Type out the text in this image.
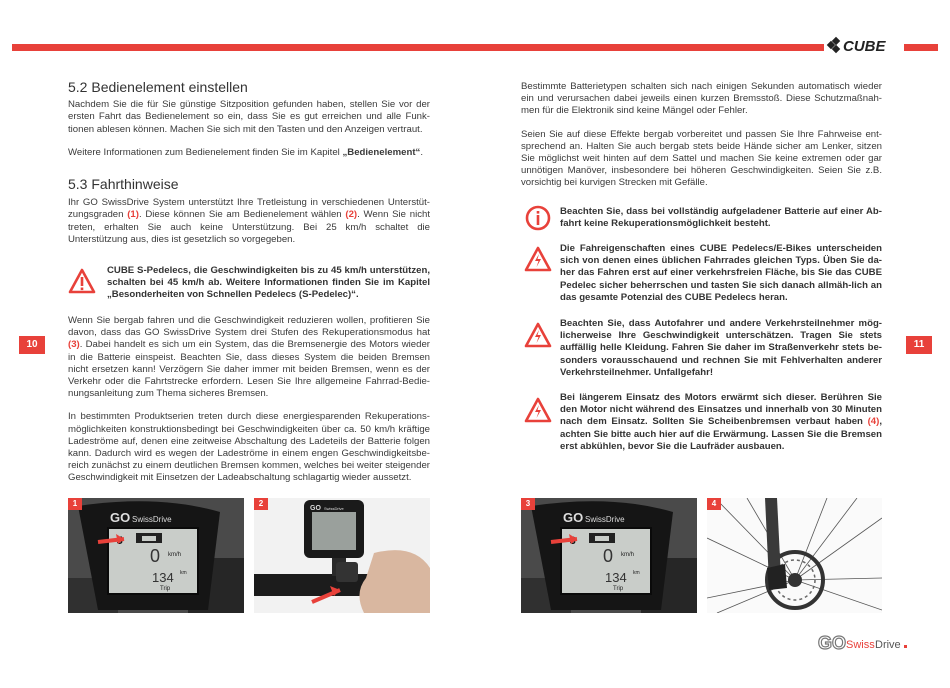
CUBE
10	11
5.2 Bedienelement einstellen

Nachdem Sie die für Sie günstige Sitzposition gefunden haben, stellen Sie vor der ersten Fahrt das Bedienelement so ein, dass Sie es gut erreichen und alle Funk-tionen ablesen können. Machen Sie sich mit den Tasten und den Anzeigen vertraut.

Weitere Informationen zum Bedienelement finden Sie im Kapitel „Bedienelement“.

5.3 Fahrthinweise

Ihr GO SwissDrive System unterstützt Ihre Tretleistung in verschiedenen Unterstüt-zungsgraden (1). Diese können Sie am Bedienelement wählen (2). Wenn Sie nicht treten, erhalten Sie auch keine Unterstützung. Bei 25 km/h schaltet die Unterstützung aus, dies ist gesetzlich so vorgegeben.

CUBE S-Pedelecs, die Geschwindigkeiten bis zu 45 km/h unterstützen, schalten bei 45 km/h ab. Weitere Informationen finden Sie im Kapitel „Besonderheiten von Schnellen Pedelecs (S-Pedelec)“.

Wenn Sie bergab fahren und die Geschwindigkeit reduzieren wollen, profitieren Sie davon, dass das GO SwissDrive System drei Stufen des Rekuperationsmodus hat (3). Dabei handelt es sich um ein System, das die Bremsenergie des Motors wieder in die Batterie einspeist. Beachten Sie, dass dieses System die beiden Bremsen nicht ersetzen kann! Verzögern Sie daher immer mit beiden Bremsen, wenn es der Verkehr oder die Fahrtstrecke erfordern. Lesen Sie Ihre allgemeine Fahrrad-Bedie-nungsanleitung zum Thema sicheres Bremsen.

In bestimmten Produktserien treten durch diese energiesparenden Rekuperations-möglichkeiten konstruktionsbedingt bei Geschwindigkeiten über ca. 50 km/h kräftige Ladeströme auf, denen eine zeitweise Abschaltung des Ladeteils der Batterie folgen kann. Dadurch wird es wegen der Ladeströme in einem engen Geschwindigkeitsbe-reich zunächst zu einem deutlichen Bremsen kommen, welches bei weiter steigender Geschwindigkeit mit Einsetzen der Ladeabschaltung schlagartig wieder aussetzt.

Bestimmte Batterietypen schalten sich nach einigen Sekunden automatisch wieder ein und verursachen dabei jeweils einen kurzen Bremsstoß. Diese Schutzmaßnah-men für die Elektronik sind keine Mängel oder Fehler.

Seien Sie auf diese Effekte bergab vorbereitet und passen Sie Ihre Fahrweise ent-sprechend an. Halten Sie auch bergab stets beide Hände sicher am Lenker, sitzen Sie möglichst weit hinten auf dem Sattel und machen Sie keine extremen oder gar unnötigen Manöver, insbesondere bei höheren Geschwindigkeiten. Seien Sie z.B. vorsichtig bei kurvigen Strecken mit Gefälle.

Beachten Sie, dass bei vollständig aufgeladener Batterie auf einer Ab-fahrt keine Rekuperationsmöglichkeit besteht.
Die Fahreigenschaften eines CUBE Pedelecs/E-Bikes unterscheiden sich von denen eines üblichen Fahrrades gleichen Typs. Üben Sie da-her das Fahren erst auf einer verkehrsfreien Fläche, bis Sie das CUBE Pedelec sicher beherrschen und tasten Sie sich danach allmäh-lich an das gesamte Potenzial des CUBE Pedelecs heran.
Beachten Sie, dass Autofahrer und andere Verkehrsteilnehmer mög-licherweise Ihre Geschwindigkeit unterschätzen. Tragen Sie stets auffällig helle Kleidung. Fahren Sie daher im Straßenverkehr stets be-sonders vorausschauend und rechnen Sie mit Fehlverhalten anderer Verkehrsteilnehmer. Unfallgefahr!
Bei längerem Einsatz des Motors erwärmt sich dieser. Berühren Sie den Motor nicht während des Einsatzes und innerhalb von 30 Minuten nach dem Einsatz. Sollten Sie Scheibenbremsen verbaut haben (4), achten Sie bitte auch hier auf die Erwärmung. Lassen Sie die Bremsen erst abkühlen, bevor Sie die Laufräder ausbauen.
1
0 km/h
134 km
Trip
GO SwissDrive
2
GO SwissDrive
3
0 km/h
134 km
Trip
GO SwissDrive
4
GO Swiss Drive
